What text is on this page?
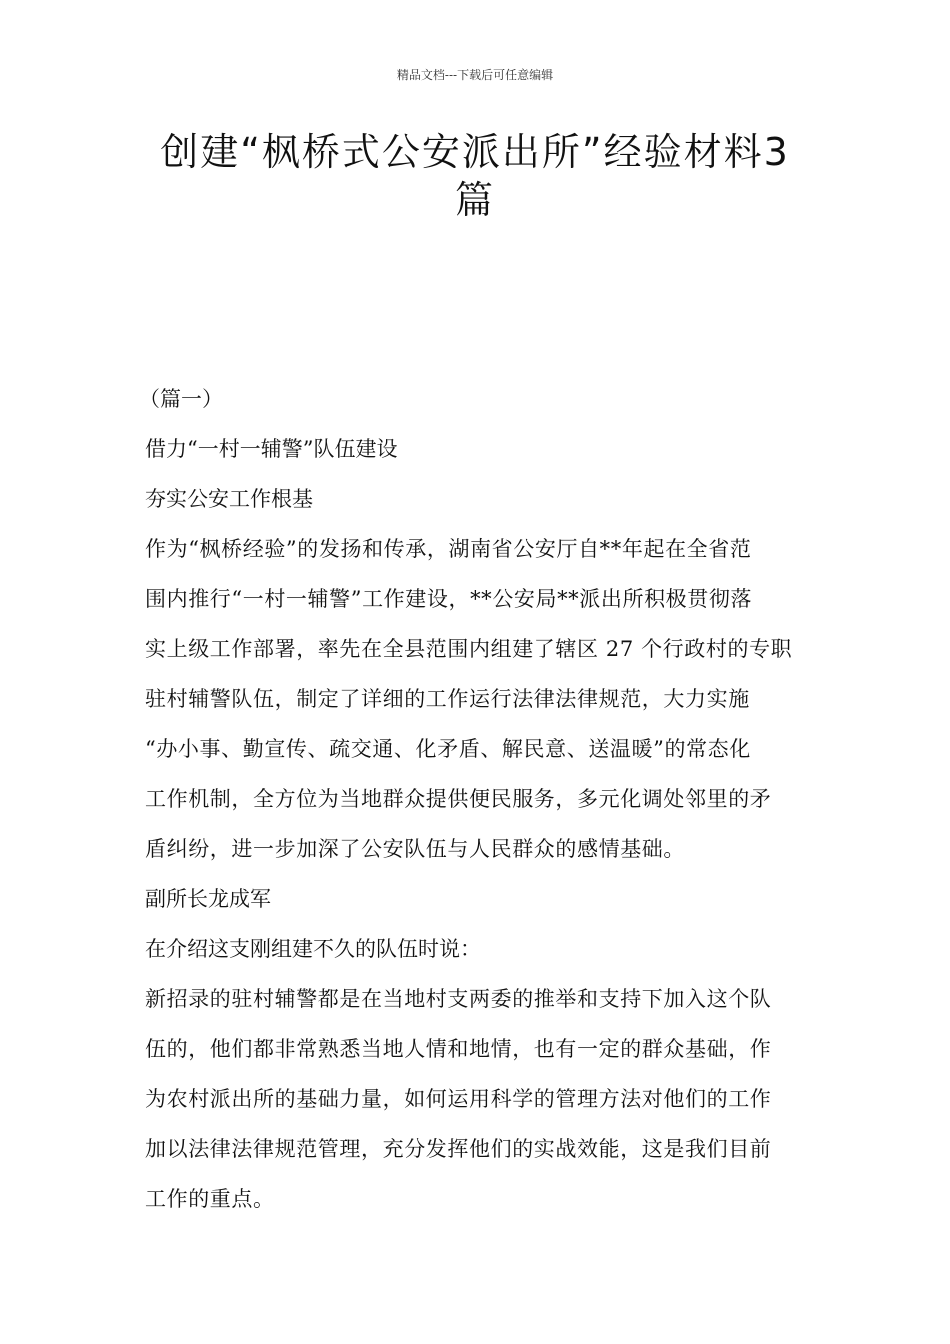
精品文档---下载后可任意编辑
创建“枫桥式公安派出所”经验材料3
篇
（篇一）
借力“一村一辅警”队伍建设
夯实公安工作根基
作为“枫桥经验”的发扬和传承，湖南省公安厅自**年起在全省范
围内推行“一村一辅警”工作建设，**公安局**派出所积极贯彻落
实上级工作部署，率先在全县范围内组建了辖区 27 个行政村的专职
驻村辅警队伍，制定了详细的工作运行法律法律规范，大力实施
“办小事、勤宣传、疏交通、化矛盾、解民意、送温暖”的常态化
工作机制，全方位为当地群众提供便民服务，多元化调处邻里的矛
盾纠纷，进一步加深了公安队伍与人民群众的感情基础。
副所长龙成军
在介绍这支刚组建不久的队伍时说：
新招录的驻村辅警都是在当地村支两委的推举和支持下加入这个队
伍的，他们都非常熟悉当地人情和地情，也有一定的群众基础，作
为农村派出所的基础力量，如何运用科学的管理方法对他们的工作
加以法律法律规范管理，充分发挥他们的实战效能，这是我们目前
工作的重点。
